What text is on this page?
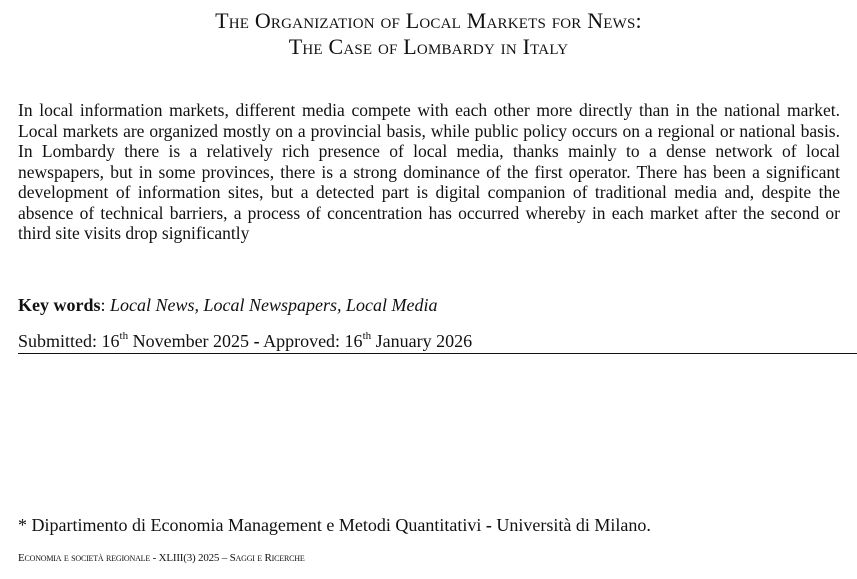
The Organization of Local Markets for News:
The Case of Lombardy in Italy

In local information markets, different media compete with each other more directly than in the national market. Local markets are organized mostly on a provincial basis, while public policy occurs on a regional or national basis. In Lombardy there is a relatively rich presence of local media, thanks mainly to a dense network of local newspapers, but in some provinces, there is a strong dominance of the first operator. There has been a significant development of information sites, but a detected part is digital companion of traditional media and, despite the absence of technical barriers, a process of concentration has occurred whereby in each market after the second or third site visits drop significantly

Key words: Local News, Local Newspapers, Local Media

Submitted: 16th November 2025 - Approved: 16th January 2026

* Dipartimento di Economia Management e Metodi Quantitativi - Università di Milano.

Economia e società regionale - XLIII(3) 2025 – Saggi e Ricerche
